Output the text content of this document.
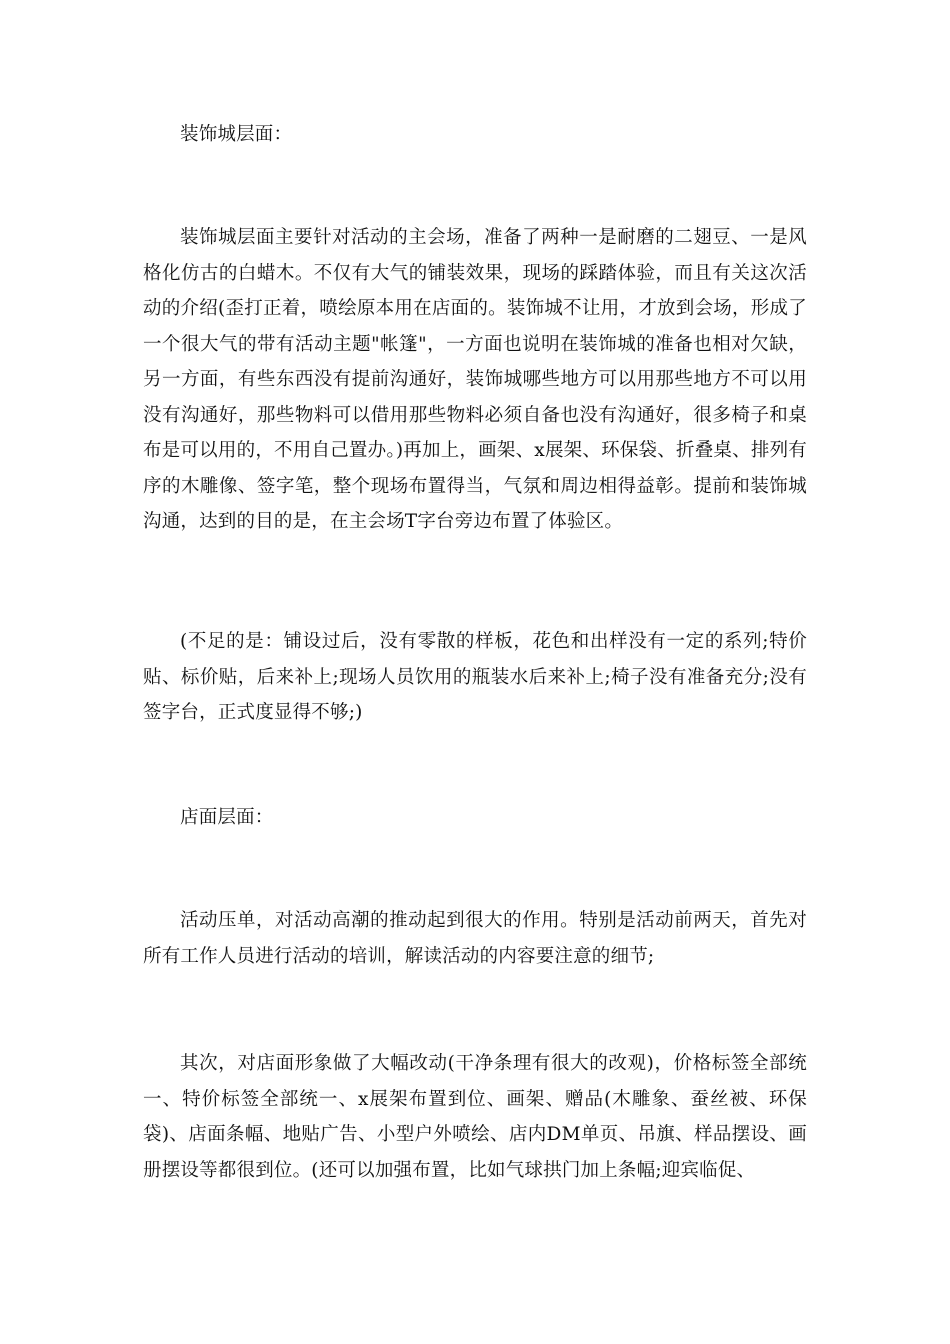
装饰城层面：

装饰城层面主要针对活动的主会场，准备了两种一是耐磨的二翅豆、一是风格化仿古的白蜡木。不仅有大气的铺装效果，现场的踩踏体验，而且有关这次活动的介绍(歪打正着，喷绘原本用在店面的。装饰城不让用，才放到会场，形成了一个很大气的带有活动主题"帐篷"，一方面也说明在装饰城的准备也相对欠缺，另一方面，有些东西没有提前沟通好，装饰城哪些地方可以用那些地方不可以用没有沟通好，那些物料可以借用那些物料必须自备也没有沟通好，很多椅子和桌布是可以用的，不用自己置办。)再加上，画架、x展架、环保袋、折叠桌、排列有序的木雕像、签字笔，整个现场布置得当，气氛和周边相得益彰。提前和装饰城沟通，达到的目的是，在主会场T字台旁边布置了体验区。

(不足的是：铺设过后，没有零散的样板，花色和出样没有一定的系列;特价贴、标价贴，后来补上;现场人员饮用的瓶装水后来补上;椅子没有准备充分;没有签字台，正式度显得不够;)

店面层面：

活动压单，对活动高潮的推动起到很大的作用。特别是活动前两天，首先对所有工作人员进行活动的培训，解读活动的内容要注意的细节;

其次，对店面形象做了大幅改动(干净条理有很大的改观)，价格标签全部统一、特价标签全部统一、x展架布置到位、画架、赠品(木雕象、蚕丝被、环保袋)、店面条幅、地贴广告、小型户外喷绘、店内DM单页、吊旗、样品摆设、画册摆设等都很到位。(还可以加强布置，比如气球拱门加上条幅;迎宾临促、
